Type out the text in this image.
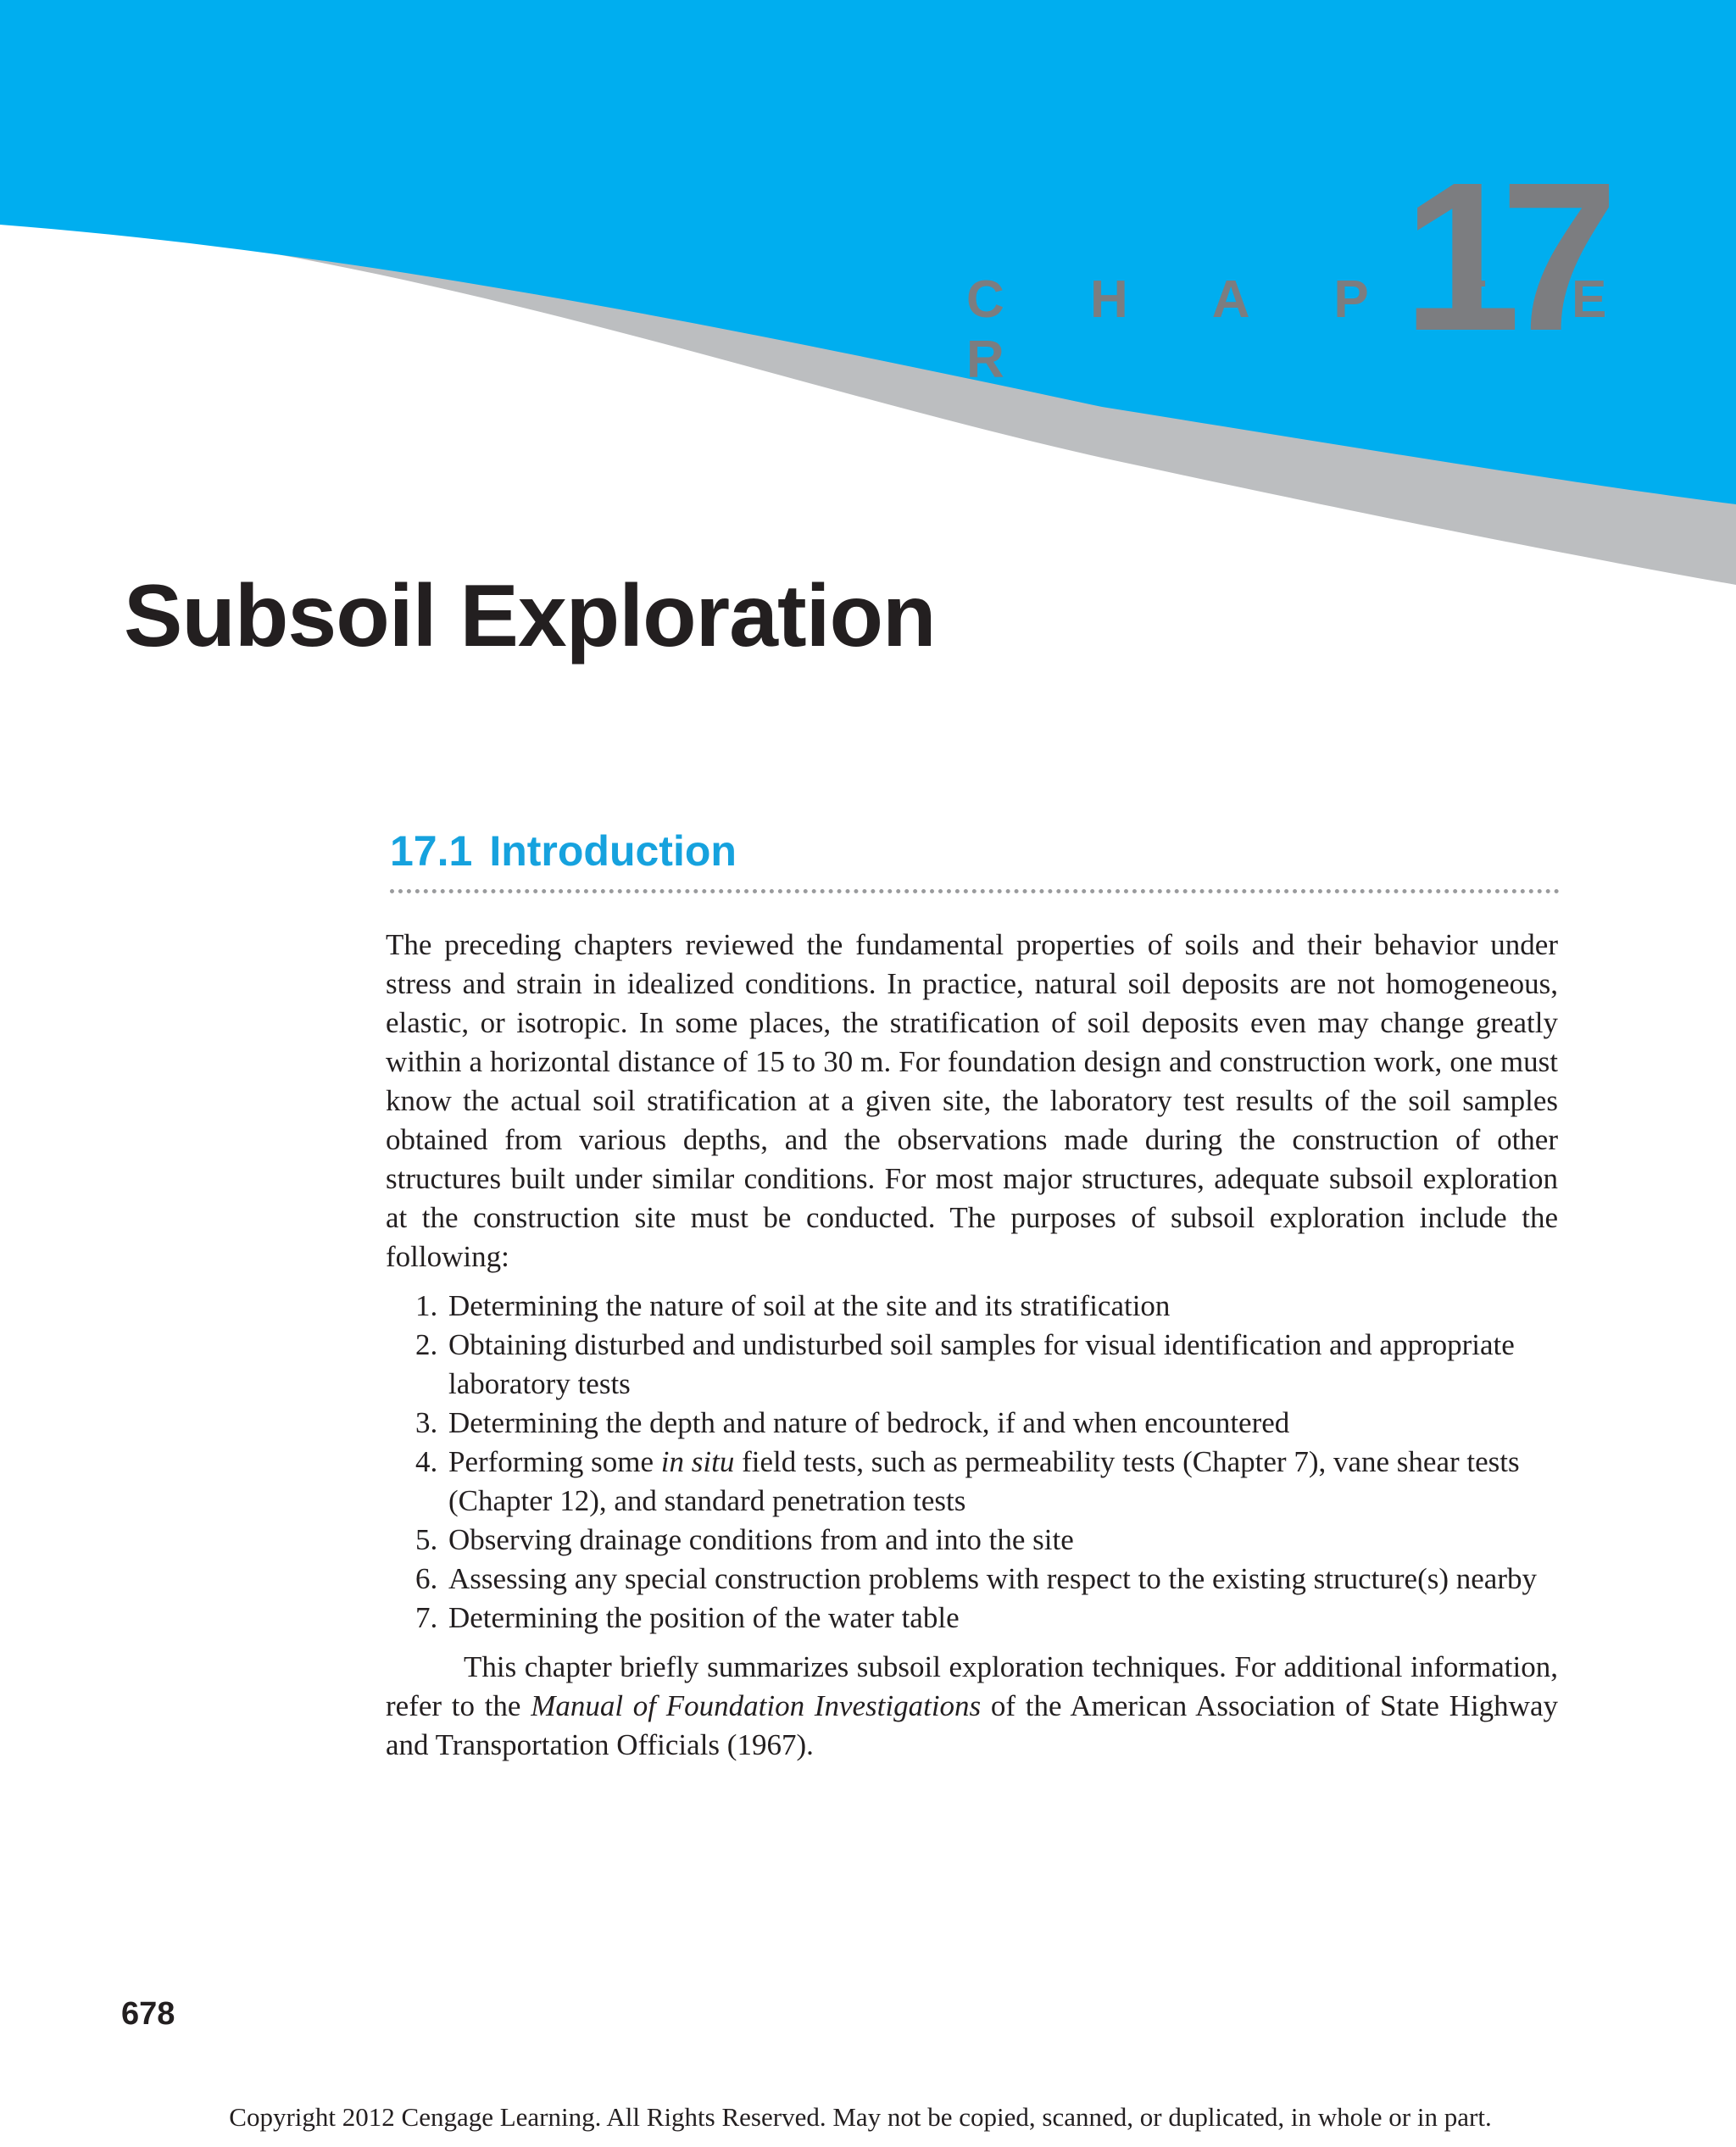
C H A P T E R	17
Subsoil Exploration
17.1 Introduction

The preceding chapters reviewed the fundamental properties of soils and their behavior under stress and strain in idealized conditions. In practice, natural soil deposits are not homogeneous, elastic, or isotropic. In some places, the stratification of soil deposits even may change greatly within a horizontal distance of 15 to 30 m. For foundation design and construction work, one must know the actual soil stratification at a given site, the laboratory test results of the soil samples obtained from various depths, and the observations made during the construction of other structures built under similar conditions. For most major structures, adequate subsoil exploration at the construction site must be conducted. The purposes of subsoil exploration include the following:

1. Determining the nature of soil at the site and its stratification
2. Obtaining disturbed and undisturbed soil samples for visual identification and appropriate laboratory tests
3. Determining the depth and nature of bedrock, if and when encountered
4. Performing some in situ field tests, such as permeability tests (Chapter 7), vane shear tests (Chapter 12), and standard penetration tests
5. Observing drainage conditions from and into the site
6. Assessing any special construction problems with respect to the existing structure(s) nearby
7. Determining the position of the water table

This chapter briefly summarizes subsoil exploration techniques. For additional information, refer to the Manual of Foundation Investigations of the American Association of State Highway and Transportation Officials (1967).

678
Copyright 2012 Cengage Learning. All Rights Reserved. May not be copied, scanned, or duplicated, in whole or in part.
